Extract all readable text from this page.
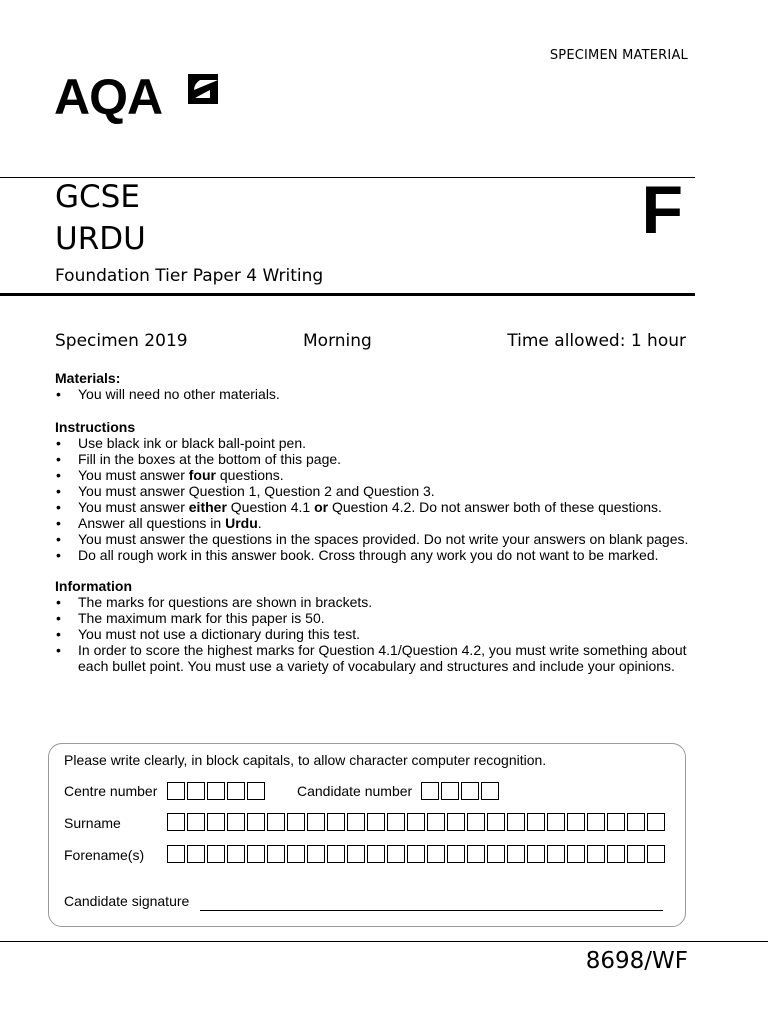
SPECIMEN MATERIAL
AQA
GCSE
URDU	F
Foundation Tier Paper 4 Writing
Specimen 2019	Morning	Time allowed: 1 hour
Materials:
• You will need no other materials.
Instructions
• Use black ink or black ball-point pen.
• Fill in the boxes at the bottom of this page.
• You must answer four questions.
• You must answer Question 1, Question 2 and Question 3.
• You must answer either Question 4.1 or Question 4.2. Do not answer both of these questions.
• Answer all questions in Urdu.
• You must answer the questions in the spaces provided. Do not write your answers on blank pages.
• Do all rough work in this answer book. Cross through any work you do not want to be marked.
Information
• The marks for questions are shown in brackets.
• The maximum mark for this paper is 50.
• You must not use a dictionary during this test.
• In order to score the highest marks for Question 4.1/Question 4.2, you must write something about each bullet point. You must use a variety of vocabulary and structures and include your opinions.
Please write clearly, in block capitals, to allow character computer recognition.
Centre number	Candidate number
Surname
Forename(s)
Candidate signature
8698/WF
